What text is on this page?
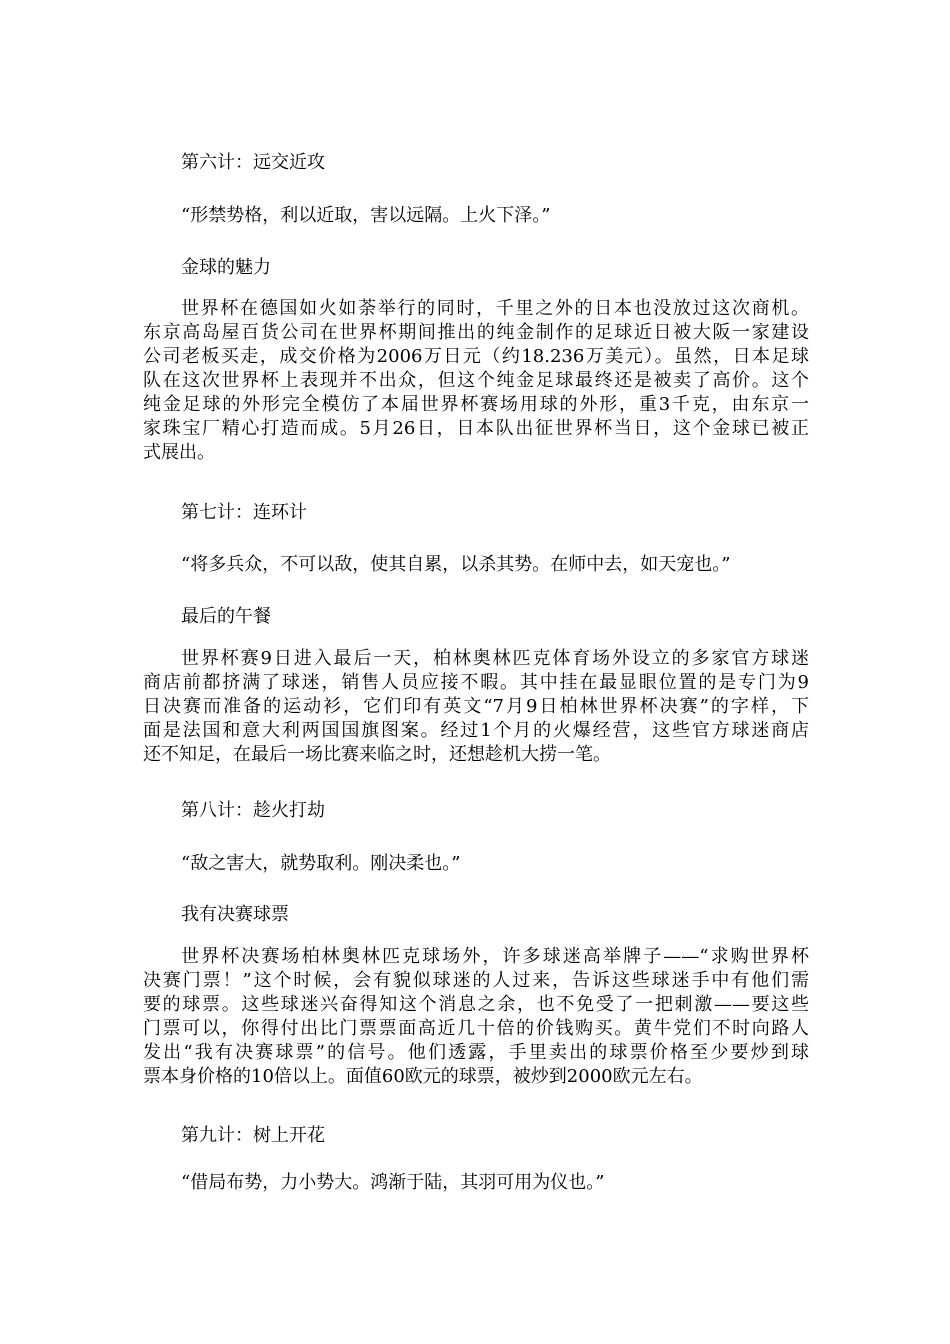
第六计：远交近攻

“形禁势格，利以近取，害以远隔。上火下泽。”

金球的魅力

世界杯在德国如火如荼举行的同时，千里之外的日本也没放过这次商机。
东京高岛屋百货公司在世界杯期间推出的纯金制作的足球近日被大阪一家建设
公司老板买走，成交价格为2006万日元（约18.236万美元）。虽然，日本足球
队在这次世界杯上表现并不出众，但这个纯金足球最终还是被卖了高价。这个
纯金足球的外形完全模仿了本届世界杯赛场用球的外形，重3千克，由东京一
家珠宝厂精心打造而成。5月26日，日本队出征世界杯当日，这个金球已被正
式展出。

第七计：连环计

“将多兵众，不可以敌，使其自累，以杀其势。在师中去，如天宠也。”

最后的午餐

世界杯赛9日进入最后一天，柏林奥林匹克体育场外设立的多家官方球迷
商店前都挤满了球迷，销售人员应接不暇。其中挂在最显眼位置的是专门为9
日决赛而准备的运动衫，它们印有英文“7月9日柏林世界杯决赛”的字样，下
面是法国和意大利两国国旗图案。经过1个月的火爆经营，这些官方球迷商店
还不知足，在最后一场比赛来临之时，还想趁机大捞一笔。

第八计：趁火打劫

“敌之害大，就势取利。刚决柔也。”

我有决赛球票

世界杯决赛场柏林奥林匹克球场外，许多球迷高举牌子——“求购世界杯
决赛门票！”这个时候，会有貌似球迷的人过来，告诉这些球迷手中有他们需
要的球票。这些球迷兴奋得知这个消息之余，也不免受了一把刺激——要这些
门票可以，你得付出比门票票面高近几十倍的价钱购买。黄牛党们不时向路人
发出“我有决赛球票”的信号。他们透露，手里卖出的球票价格至少要炒到球
票本身价格的10倍以上。面值60欧元的球票，被炒到2000欧元左右。

第九计：树上开花

“借局布势，力小势大。鸿渐于陆，其羽可用为仪也。”
